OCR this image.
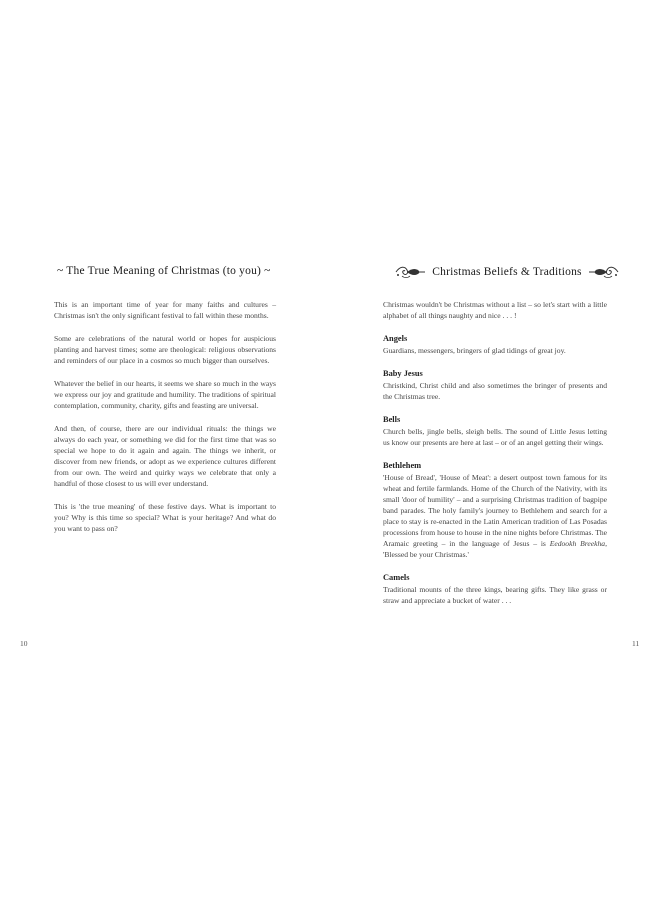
~ The True Meaning of Christmas (to you) ~

This is an important time of year for many faiths and cultures – Christmas isn't the only significant festival to fall within these months.

Some are celebrations of the natural world or hopes for auspicious planting and harvest times; some are theological: religious observations and reminders of our place in a cosmos so much bigger than ourselves.

Whatever the belief in our hearts, it seems we share so much in the ways we express our joy and gratitude and humility. The traditions of spiritual contemplation, community, charity, gifts and feasting are universal.

And then, of course, there are our individual rituals: the things we always do each year, or something we did for the first time that was so special we hope to do it again and again. The things we inherit, or discover from new friends, or adopt as we experience cultures different from our own. The weird and quirky ways we celebrate that only a handful of those closest to us will ever understand.

This is 'the true meaning' of these festive days. What is important to you? Why is this time so special? What is your heritage? And what do you want to pass on?

10
Christmas Beliefs & Traditions

Christmas wouldn't be Christmas without a list – so let's start with a little alphabet of all things naughty and nice . . . !

Angels

Guardians, messengers, bringers of glad tidings of great joy.

Baby Jesus

Christkind, Christ child and also sometimes the bringer of presents and the Christmas tree.

Bells

Church bells, jingle bells, sleigh bells. The sound of Little Jesus letting us know our presents are here at last – or of an angel getting their wings.

Bethlehem

'House of Bread', 'House of Meat': a desert outpost town famous for its wheat and fertile farmlands. Home of the Church of the Nativity, with its small 'door of humility' – and a surprising Christmas tradition of bagpipe band parades. The holy family's journey to Bethlehem and search for a place to stay is re-enacted in the Latin American tradition of Las Posadas processions from house to house in the nine nights before Christmas. The Aramaic greeting – in the language of Jesus – is Eedookh Breekha, 'Blessed be your Christmas.'

Camels

Traditional mounts of the three kings, bearing gifts. They like grass or straw and appreciate a bucket of water . . .

11
